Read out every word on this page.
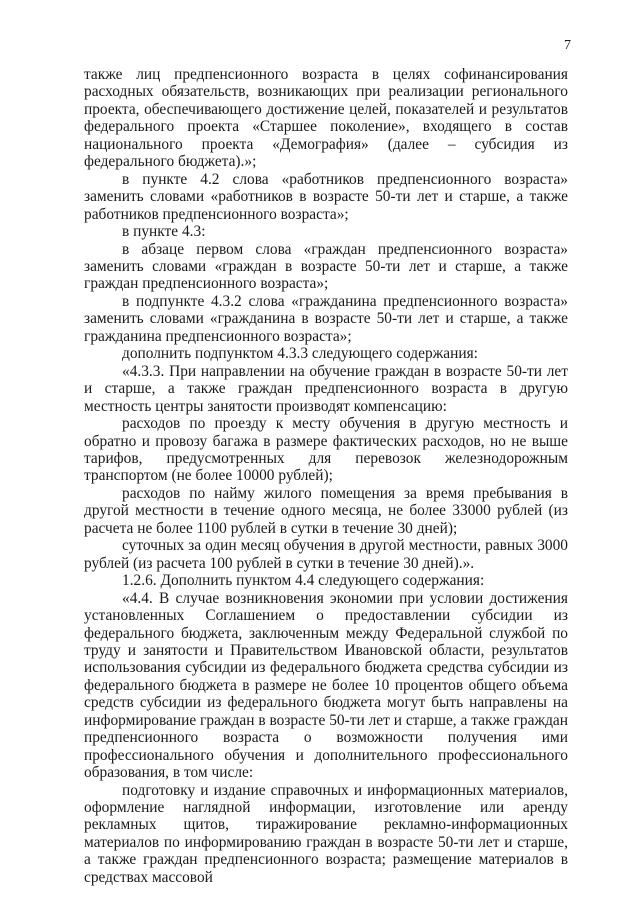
7

также лиц предпенсионного возраста в целях софинансирования расходных обязательств, возникающих при реализации регионального проекта, обеспечивающего достижение целей, показателей и результатов федерального проекта «Старшее поколение», входящего в состав национального проекта «Демография» (далее – субсидия из федерального бюджета).»;

в пункте 4.2 слова «работников предпенсионного возраста» заменить словами «работников в возрасте 50-ти лет и старше, а также работников предпенсионного возраста»;

в пункте 4.3:

в абзаце первом слова «граждан предпенсионного возраста» заменить словами «граждан в возрасте 50-ти лет и старше, а также граждан предпенсионного возраста»;

в подпункте 4.3.2 слова «гражданина предпенсионного возраста» заменить словами «гражданина в возрасте 50-ти лет и старше, а также гражданина предпенсионного возраста»;

дополнить подпунктом 4.3.3 следующего содержания:

«4.3.3. При направлении на обучение граждан в возрасте 50-ти лет и старше, а также граждан предпенсионного возраста в другую местность центры занятости производят компенсацию:

расходов по проезду к месту обучения в другую местность и обратно и провозу багажа в размере фактических расходов, но не выше тарифов, предусмотренных для перевозок железнодорожным транспортом (не более 10000 рублей);

расходов по найму жилого помещения за время пребывания в другой местности в течение одного месяца, не более 33000 рублей (из расчета не более 1100 рублей в сутки в течение 30 дней);

суточных за один месяц обучения в другой местности, равных 3000 рублей (из расчета 100 рублей в сутки в течение 30 дней).».

1.2.6. Дополнить пунктом 4.4 следующего содержания:

«4.4. В случае возникновения экономии при условии достижения установленных Соглашением о предоставлении субсидии из федерального бюджета, заключенным между Федеральной службой по труду и занятости и Правительством Ивановской области, результатов использования субсидии из федерального бюджета средства субсидии из федерального бюджета в размере не более 10 процентов общего объема средств субсидии из федерального бюджета могут быть направлены на информирование граждан в возрасте 50-ти лет и старше, а также граждан предпенсионного возраста о возможности получения ими профессионального обучения и дополнительного профессионального образования, в том числе:

подготовку и издание справочных и информационных материалов, оформление наглядной информации, изготовление или аренду рекламных щитов, тиражирование рекламно-информационных материалов по информированию граждан в возрасте 50-ти лет и старше, а также граждан предпенсионного возраста; размещение материалов в средствах массовой
